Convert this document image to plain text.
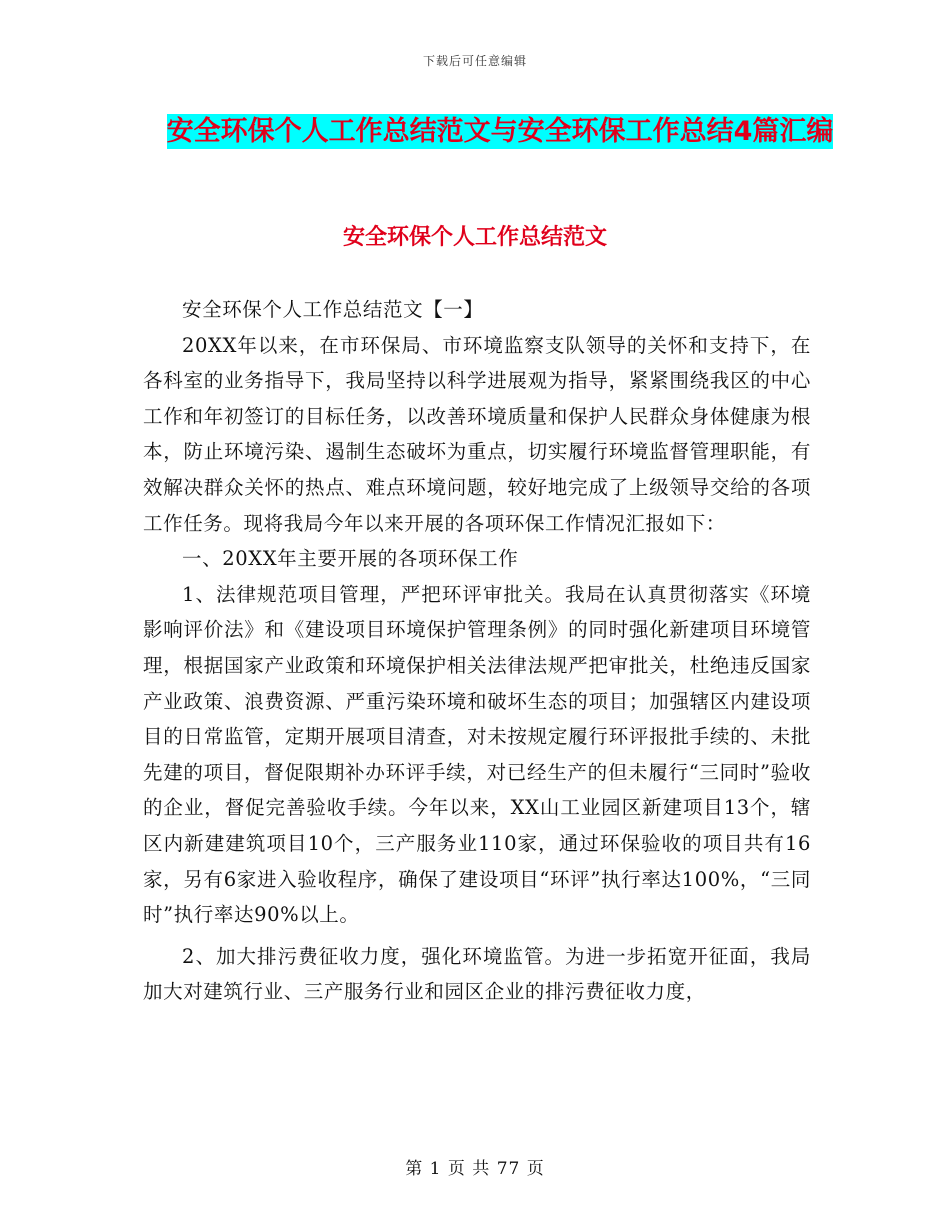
下载后可任意编辑
安全环保个人工作总结范文与安全环保工作总结4篇汇编
安全环保个人工作总结范文

安全环保个人工作总结范文【一】

20XX年以来，在市环保局、市环境监察支队领导的关怀和支持下，在各科室的业务指导下，我局坚持以科学进展观为指导，紧紧围绕我区的中心工作和年初签订的目标任务，以改善环境质量和保护人民群众身体健康为根本，防止环境污染、遏制生态破坏为重点，切实履行环境监督管理职能，有效解决群众关怀的热点、难点环境问题，较好地完成了上级领导交给的各项工作任务。现将我局今年以来开展的各项环保工作情况汇报如下：

一、20XX年主要开展的各项环保工作

1、法律规范项目管理，严把环评审批关。我局在认真贯彻落实《环境影响评价法》和《建设项目环境保护管理条例》的同时强化新建项目环境管理，根据国家产业政策和环境保护相关法律法规严把审批关，杜绝违反国家产业政策、浪费资源、严重污染环境和破坏生态的项目；加强辖区内建设项目的日常监管，定期开展项目清查，对未按规定履行环评报批手续的、未批先建的项目，督促限期补办环评手续，对已经生产的但未履行“三同时”验收的企业，督促完善验收手续。今年以来，XX山工业园区新建项目13个，辖区内新建建筑项目10个，三产服务业110家，通过环保验收的项目共有16家，另有6家进入验收程序，确保了建设项目“环评”执行率达100%，“三同时”执行率达90%以上。

2、加大排污费征收力度，强化环境监管。为进一步拓宽开征面，我局加大对建筑行业、三产服务行业和园区企业的排污费征收力度，

第 1 页 共 77 页
